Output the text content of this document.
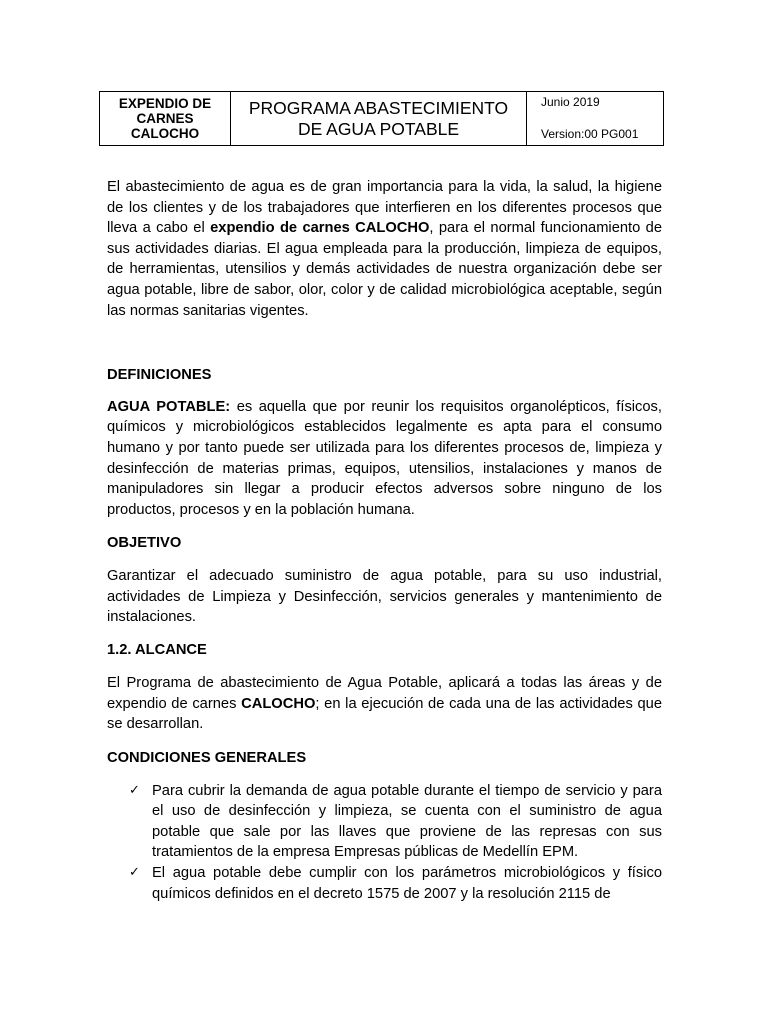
EXPENDIO DE
CARNES
CALOCHO

PROGRAMA ABASTECIMIENTO
DE AGUA POTABLE

Junio 2019
Version:00 PG001

El abastecimiento de agua es de gran importancia para la vida, la salud, la higiene de los clientes y de los trabajadores que interfieren en los diferentes procesos que lleva a cabo el expendio de carnes CALOCHO, para el normal funcionamiento de sus actividades diarias. El agua empleada para la producción, limpieza de equipos, de herramientas, utensilios y demás actividades de nuestra organización debe ser agua potable, libre de sabor, olor, color y de calidad microbiológica aceptable, según las normas sanitarias vigentes.

DEFINICIONES

AGUA POTABLE: es aquella que por reunir los requisitos organolépticos, físicos, químicos y microbiológicos establecidos legalmente es apta para el consumo humano y por tanto puede ser utilizada para los diferentes procesos de, limpieza y desinfección de materias primas, equipos, utensilios, instalaciones y manos de manipuladores sin llegar a producir efectos adversos sobre ninguno de los productos, procesos y en la población humana.

OBJETIVO

Garantizar el adecuado suministro de agua potable, para su uso industrial, actividades de Limpieza y Desinfección, servicios generales y mantenimiento de instalaciones.

1.2. ALCANCE

El Programa de abastecimiento de Agua Potable, aplicará a todas las áreas y de expendio de carnes CALOCHO; en la ejecución de cada una de las actividades que se desarrollan.

CONDICIONES GENERALES

✓ Para cubrir la demanda de agua potable durante el tiempo de servicio y para el uso de desinfección y limpieza, se cuenta con el suministro de agua potable que sale por las llaves que proviene de las represas con sus tratamientos de la empresa Empresas públicas de Medellín EPM.
✓ El agua potable debe cumplir con los parámetros microbiológicos y físico químicos definidos en el decreto 1575 de 2007 y la resolución 2115 de
